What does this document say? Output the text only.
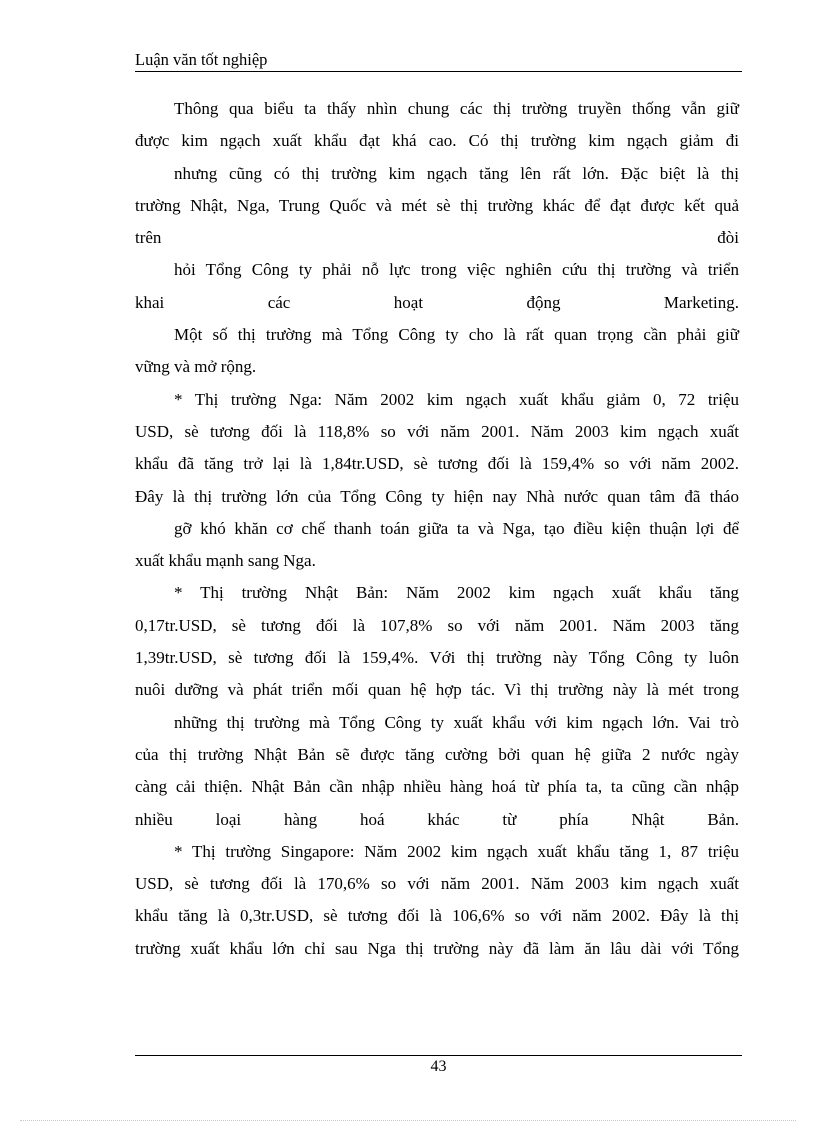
Luận văn tốt nghiệp
Thông qua biểu ta thấy nhìn chung các thị trường truyền thống vẫn giữ
được kim ngạch xuất khẩu đạt khá cao. Có thị trường kim ngạch giảm đi
nhưng cũng có thị trường kim ngạch tăng lên rất lớn. Đặc biệt là thị
trường Nhật, Nga, Trung Quốc và mét sè thị trường khác để đạt được kết quả
trên đòi
hỏi Tổng Công ty phải nỗ lực trong việc nghiên cứu thị trường và triển
khai các hoạt động Marketing.
Một số thị trường mà Tổng Công ty cho là rất quan trọng cần phải giữ
vững và mở rộng.
* Thị trường Nga: Năm 2002 kim ngạch xuất khẩu giảm 0, 72 triệu
USD, sè tương đối là 118,8% so với năm 2001. Năm 2003 kim ngạch xuất
khẩu đã tăng trở lại là 1,84tr.USD, sè tương đối là 159,4% so với năm 2002.
Đây là thị trường lớn của Tổng Công ty hiện nay Nhà nước quan tâm đã tháo
gỡ khó khăn cơ chế thanh toán giữa ta và Nga, tạo điều kiện thuận lợi để
xuất khẩu mạnh sang Nga.
* Thị trường Nhật Bản: Năm 2002 kim ngạch xuất khẩu tăng
0,17tr.USD, sè tương đối là 107,8% so với năm 2001. Năm 2003 tăng
1,39tr.USD, sè tương đối là 159,4%. Với thị trường này Tổng Công ty luôn
nuôi dưỡng và phát triển mối quan hệ hợp tác. Vì thị trường này là mét trong
những thị trường mà Tổng Công ty xuất khẩu với kim ngạch lớn. Vai trò
của thị trường Nhật Bản sẽ được tăng cường bởi quan hệ giữa 2 nước ngày
càng cải thiện. Nhật Bản cần nhập nhiều hàng hoá từ phía ta, ta cũng cần nhập
nhiều loại hàng hoá khác từ phía Nhật Bản.
* Thị trường Singapore: Năm 2002 kim ngạch xuất khẩu tăng 1, 87 triệu
USD, sè tương đối là 170,6% so với năm 2001. Năm 2003 kim ngạch xuất
khẩu tăng là 0,3tr.USD, sè tương đối là 106,6% so với năm 2002. Đây là thị
trường xuất khẩu lớn chỉ sau Nga thị trường này đã làm ăn lâu dài với Tổng
43
